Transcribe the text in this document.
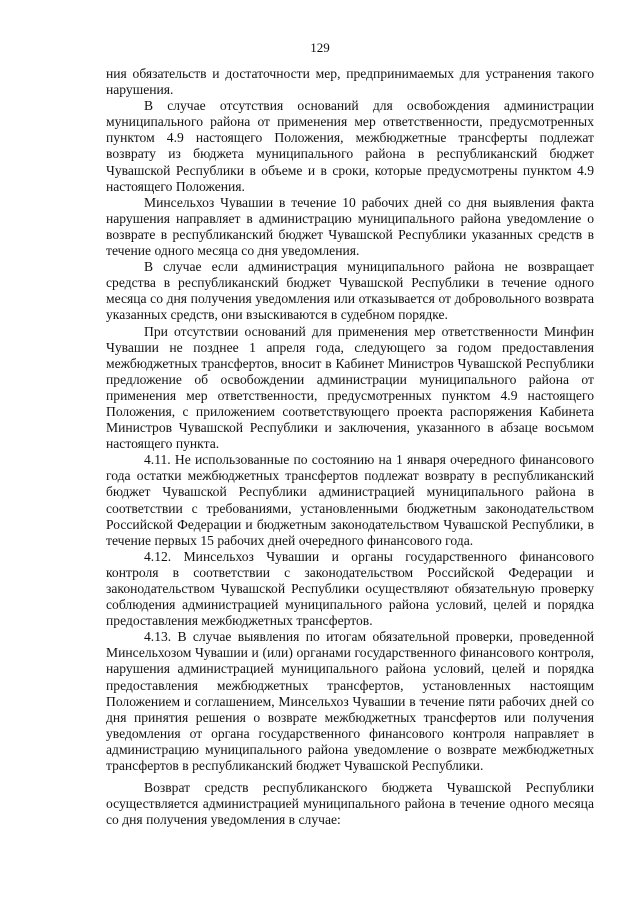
129

ния обязательств и достаточности мер, предпринимаемых для устранения такого нарушения.

В случае отсутствия оснований для освобождения администрации муниципального района от применения мер ответственности, предусмотренных пунктом 4.9 настоящего Положения, межбюджетные трансферты подлежат возврату из бюджета муниципального района в республиканский бюджет Чувашской Республики в объеме и в сроки, которые предусмотрены пунктом 4.9 настоящего Положения.

Минсельхоз Чувашии в течение 10 рабочих дней со дня выявления факта нарушения направляет в администрацию муниципального района уведомление о возврате в республиканский бюджет Чувашской Республики указанных средств в течение одного месяца со дня уведомления.

В случае если администрация муниципального района не возвращает средства в республиканский бюджет Чувашской Республики в течение одного месяца со дня получения уведомления или отказывается от добровольного возврата указанных средств, они взыскиваются в судебном порядке.

При отсутствии оснований для применения мер ответственности Минфин Чувашии не позднее 1 апреля года, следующего за годом предоставления межбюджетных трансфертов, вносит в Кабинет Министров Чувашской Республики предложение об освобождении администрации муниципального района от применения мер ответственности, предусмотренных пунктом 4.9 настоящего Положения, с приложением соответствующего проекта распоряжения Кабинета Министров Чувашской Республики и заключения, указанного в абзаце восьмом настоящего пункта.

4.11. Не использованные по состоянию на 1 января очередного финансового года остатки межбюджетных трансфертов подлежат возврату в республиканский бюджет Чувашской Республики администрацией муниципального района в соответствии с требованиями, установленными бюджетным законодательством Российской Федерации и бюджетным законодательством Чувашской Республики, в течение первых 15 рабочих дней очередного финансового года.

4.12. Минсельхоз Чувашии и органы государственного финансового контроля в соответствии с законодательством Российской Федерации и законодательством Чувашской Республики осуществляют обязательную проверку соблюдения администрацией муниципального района условий, целей и порядка предоставления межбюджетных трансфертов.

4.13. В случае выявления по итогам обязательной проверки, проведенной Минсельхозом Чувашии и (или) органами государственного финансового контроля, нарушения администрацией муниципального района условий, целей и порядка предоставления межбюджетных трансфертов, установленных настоящим Положением и соглашением, Минсельхоз Чувашии в течение пяти рабочих дней со дня принятия решения о возврате межбюджетных трансфертов или получения уведомления от органа государственного финансового контроля направляет в администрацию муниципального района уведомление о возврате межбюджетных трансфертов в республиканский бюджет Чувашской Республики.

Возврат средств республиканского бюджета Чувашской Республики осуществляется администрацией муниципального района в течение одного месяца со дня получения уведомления в случае:
